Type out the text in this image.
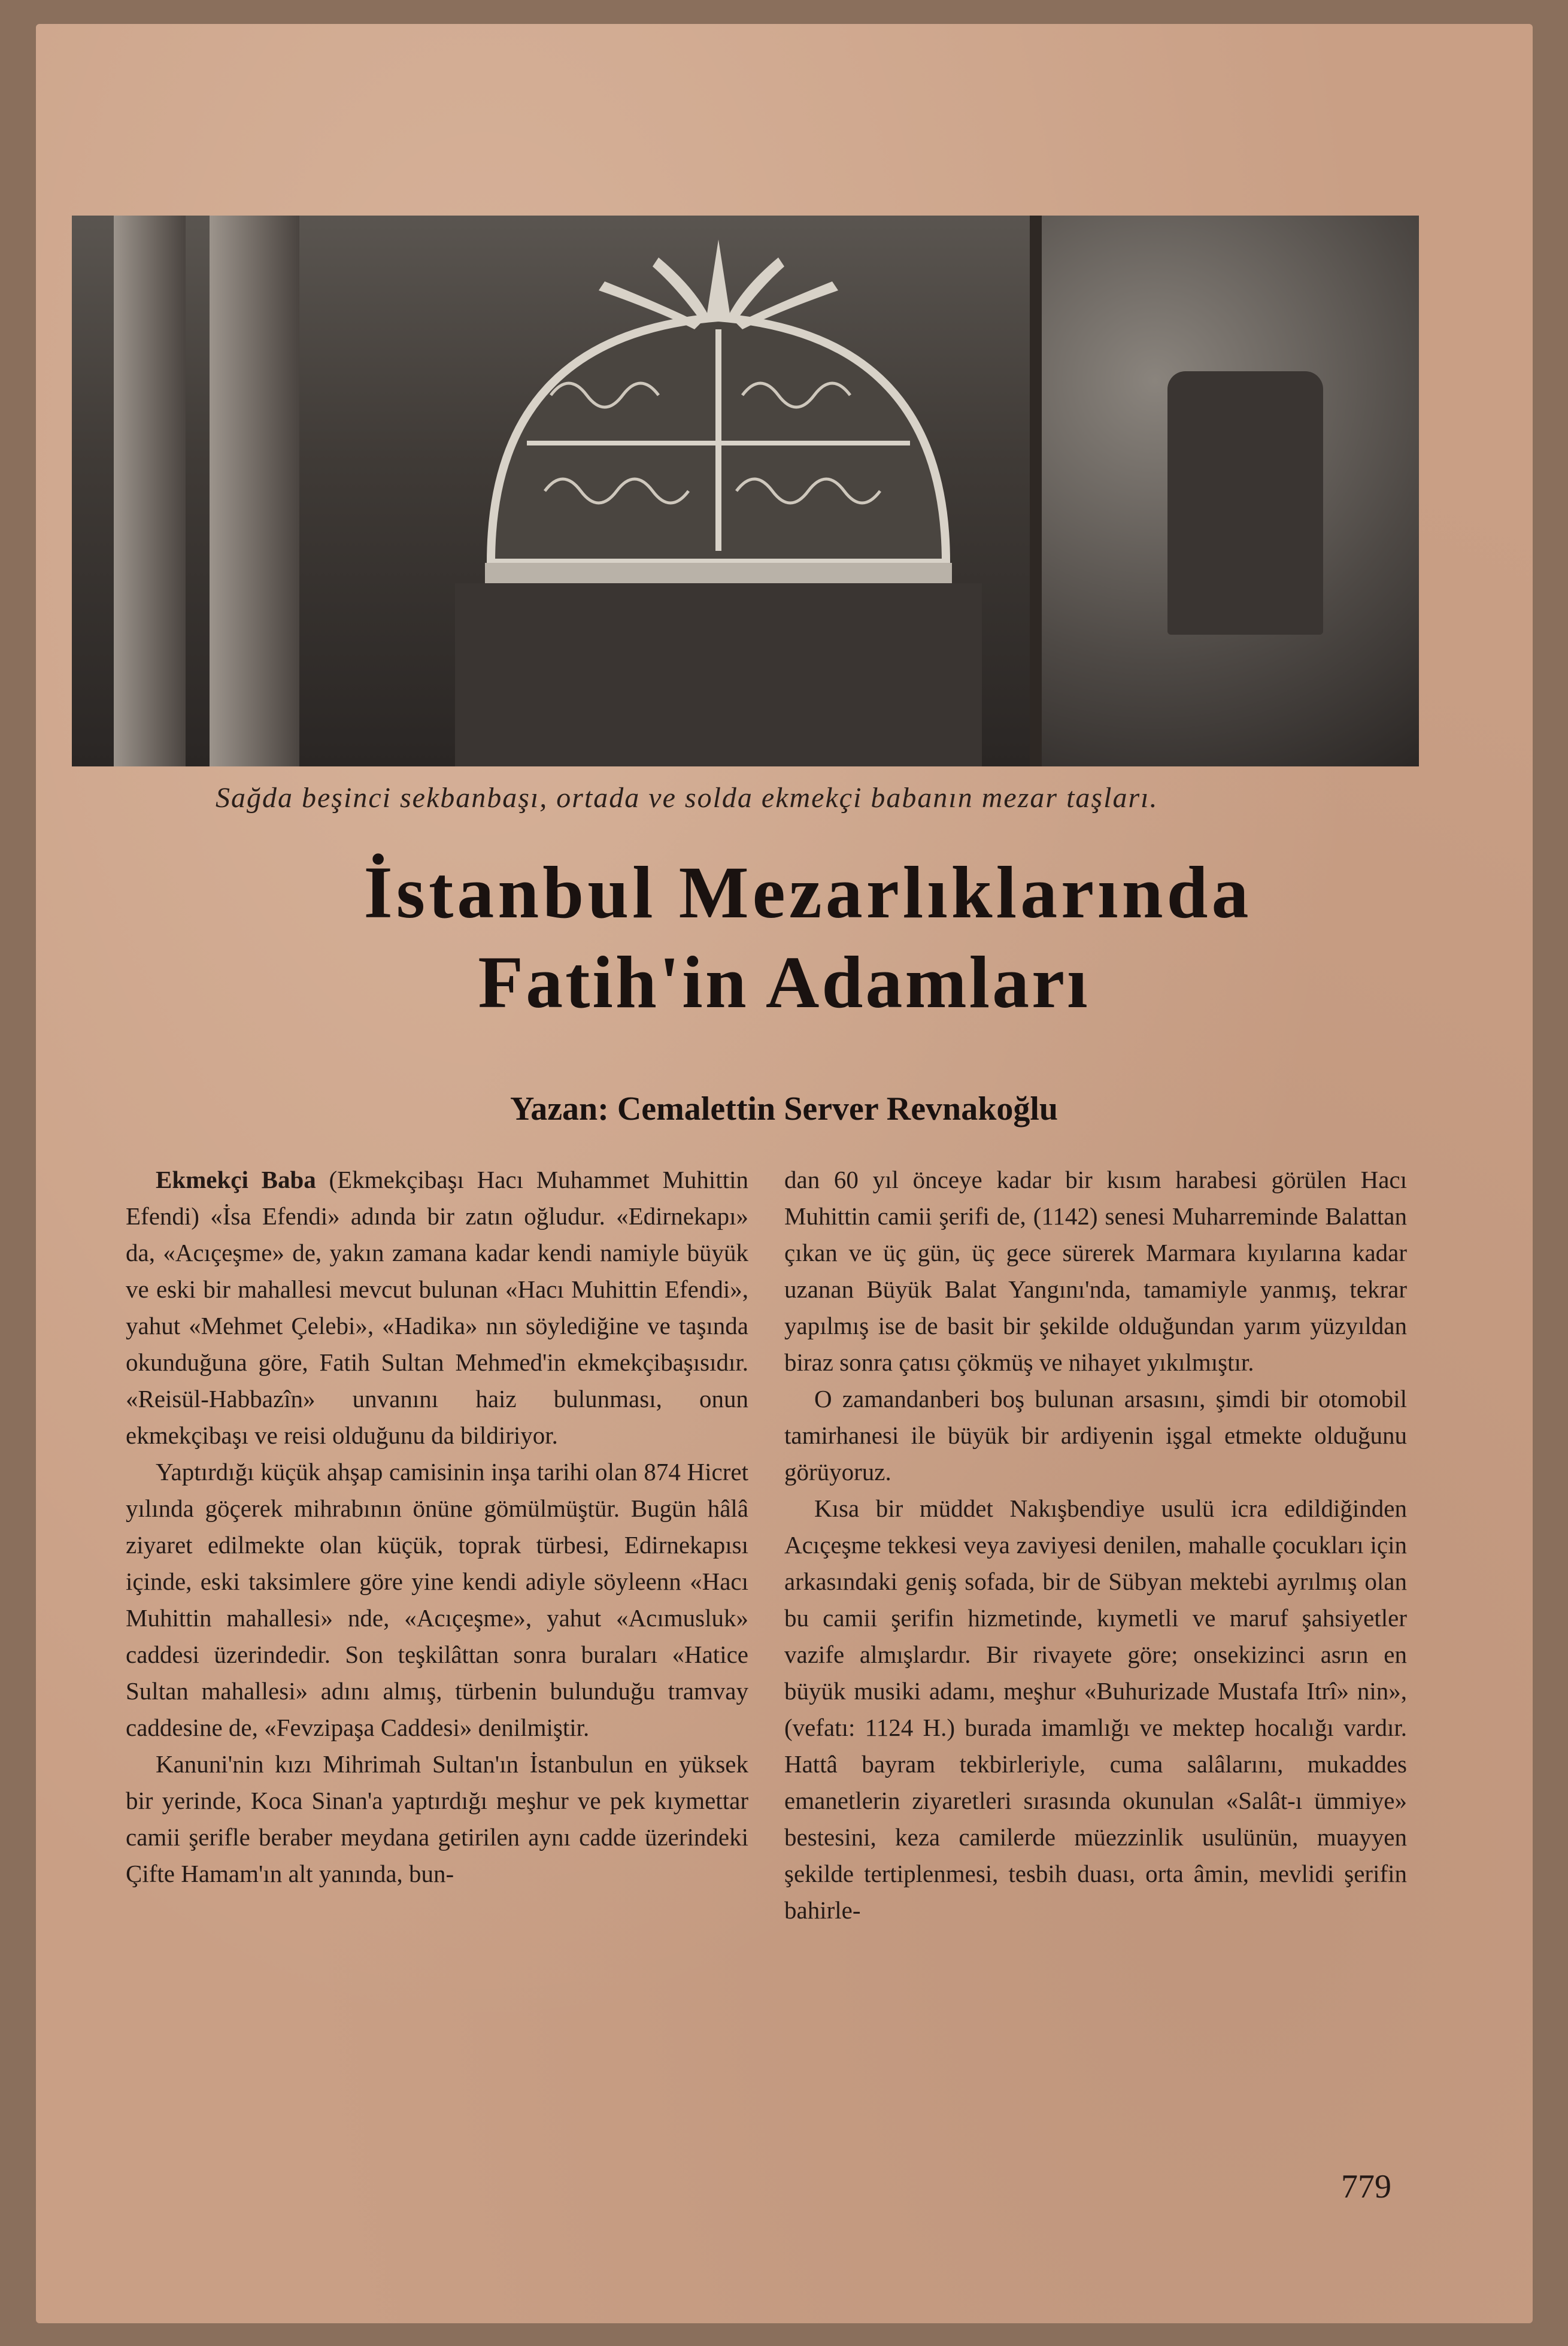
Sağda beşinci sekbanbaşı, ortada ve solda ekmekçi babanın mezar taşları.
İstanbul Mezarlıklarında
Fatih'in Adamları
Yazan: Cemalettin Server Revnakoğlu

Ekmekçi Baba (Ekmekçibaşı Hacı Muhammet Muhittin Efendi) «İsa Efendi» adında bir zatın oğludur. «Edirnekapı» da, «Acıçeşme» de, yakın zamana kadar kendi namiyle büyük ve eski bir mahallesi mevcut bulunan «Hacı Muhittin Efendi», yahut «Mehmet Çelebi», «Hadika» nın söylediğine ve taşında okunduğuna göre, Fatih Sultan Mehmed'in ekmekçibaşısıdır. «Reisül-Habbazîn» unvanını haiz bulunması, onun ekmekçibaşı ve reisi olduğunu da bildiriyor.

Yaptırdığı küçük ahşap camisinin inşa tarihi olan 874 Hicret yılında göçerek mihrabının önüne gömülmüştür. Bugün hâlâ ziyaret edilmekte olan küçük, toprak türbesi, Edirnekapısı içinde, eski taksimlere göre yine kendi adiyle söyleenn «Hacı Muhittin mahallesi» nde, «Acıçeşme», yahut «Acımusluk» caddesi üzerindedir. Son teşkilâttan sonra buraları «Hatice Sultan mahallesi» adını almış, türbenin bulunduğu tramvay caddesine de, «Fevzipaşa Caddesi» denilmiştir.

Kanuni'nin kızı Mihrimah Sultan'ın İstanbulun en yüksek bir yerinde, Koca Sinan'a yaptırdığı meşhur ve pek kıymettar camii şerifle beraber meydana getirilen aynı cadde üzerindeki Çifte Hamam'ın alt yanında, bun-

dan 60 yıl önceye kadar bir kısım harabesi görülen Hacı Muhittin camii şerifi de, (1142) senesi Muharreminde Balattan çıkan ve üç gün, üç gece sürerek Marmara kıyılarına kadar uzanan Büyük Balat Yangını'nda, tamamiyle yanmış, tekrar yapılmış ise de basit bir şekilde olduğundan yarım yüzyıldan biraz sonra çatısı çökmüş ve nihayet yıkılmıştır.

O zamandanberi boş bulunan arsasını, şimdi bir otomobil tamirhanesi ile büyük bir ardiyenin işgal etmekte olduğunu görüyoruz.

Kısa bir müddet Nakışbendiye usulü icra edildiğinden Acıçeşme tekkesi veya zaviyesi denilen, mahalle çocukları için arkasındaki geniş sofada, bir de Sübyan mektebi ayrılmış olan bu camii şerifin hizmetinde, kıymetli ve maruf şahsiyetler vazife almışlardır. Bir rivayete göre; onsekizinci asrın en büyük musiki adamı, meşhur «Buhurizade Mustafa Itrî» nin», (vefatı: 1124 H.) burada imamlığı ve mektep hocalığı vardır. Hattâ bayram tekbirleriyle, cuma salâlarını, mukaddes emanetlerin ziyaretleri sırasında okunulan «Salât-ı ümmiye» bestesini, keza camilerde müezzinlik usulünün, muayyen şekilde tertiplenmesi, tesbih duası, orta âmin, mevlidi şerifin bahirle-

779
